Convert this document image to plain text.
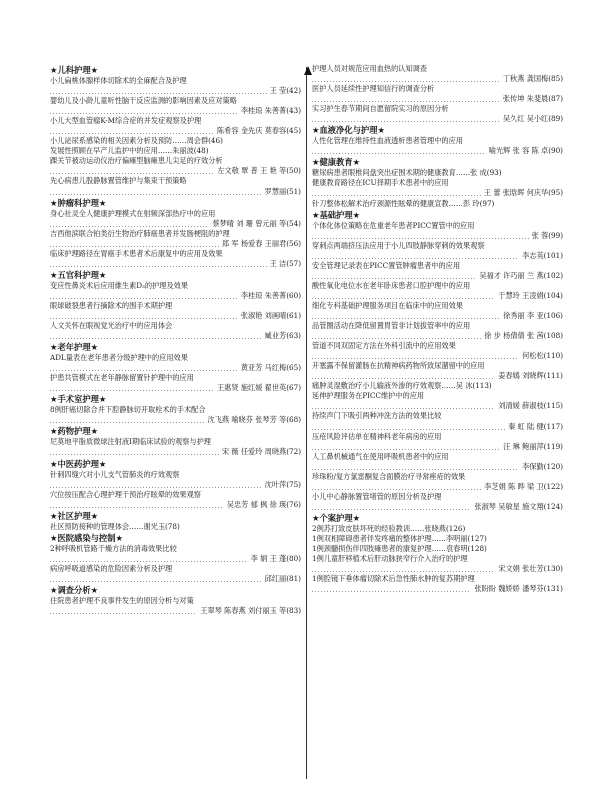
★儿科护理★
小儿扁桃体腺样体切除术的全麻配合及护理
王 莹(42)
婴幼儿及小龄儿童听性脑干反应监测的影响因素及应对策略
李桂琼 朱善菁(43)
小儿大型血管瘤K-M综合症的并发症观察及护理
陈希容 金先庆 莫春容(45)
小儿泌尿系感染的相关因素分析及预防……周会群(46)
发展性照顾在早产儿监护中的应用……朱丽波(48)
踝关节被动运动仪治疗偏瘫型脑瘫患儿尖足的疗效分析
左文敬 覃 普 王 艳 等(50)
先心病患儿股静脉置管维护与集束干预策略
罗慧丽(51)
★肿瘤科护理★
身心社灵全人健康护理模式在射频深部热疗中的应用
蔡梦晴 刘 珊 曾元丽 等(54)
吉西他滨联合铂类衍生物治疗肺癌患者并发肠梗阻的护理
郑 军 杨爱春 王丽君(56)
临床护理路径在胃癌手术患者术后康复中的应用及效果
王 洁(57)
★五官科护理★
变应性鼻炎术后应用維生素D₃的护理及效果
李桂琼 朱善菁(60)
眼球破裂患者行摘除术的围手术期护理
张淑艳 刘画晴(61)
人文关怀在眼视觉光治疗中的应用体会
臧业芳(63)
★老年护理★
ADL量表在老年患者分级护理中的应用效果
黄亚芳 马红梅(65)
护患共管模式在老年静脉留置针护理中的应用
王惠贤 施红媛 翟世英(67)
★手术室护理★
8例肝癌切除合并下腔静脉切开取栓术的手术配合
沈飞燕 喻晓芬 张琴芳 等(68)
★药物护理★
尼莫地平脂质微球注射液Ⅰ期临床试验的观察与护理
宋 薇 任爱玲 周晓燕(72)
★中医药护理★
针刺四缝穴对小儿支气管肺炎的疗效观察
沈叶萍(75)
穴位按压配合心理护理干预治疗眩晕的效果观察
吴忠芳 郁 枫 徐 瑛(76)
★社区护理★
社区预防接种的管理体会……谢光玉(78)
★医院感染与控制★
2种呼吸机管路干燥方法的消毒效果比较
李 娟 王 蓬(80)
病房呼吸道感染的危险因素分析及护理
邱红丽(81)
★调查分析★
住院患者护理不良事件发生的原因分析与对策
王翠琴 陈春燕 刘付丽玉 等(83)
护理人员对规范应用血热的认知调查
丁秋燕 龚国梅(85)
医护人员延续性护理知信行的调查分析
张传坤 朱斐晨(87)
实习护生春节期间自愿留院实习的原因分析
吴久红 吴小红(89)
★血液净化与护理★
人性化管理在维持性血液透析患者管理中的应用
喻光辉 张 容 陈 卓(90)
★健康教育★
糖尿病患者眼椎间盘突出症围术期的健康教育……张 成(93)
健康教育路径在ICU择期手术患者中的应用
王 蕾 张晗晖 何庆华(95)
针刀整体松解术治疗颈源性眩晕的健康宣教……彭 玲(97)
★基础护理★
个体化体位策略在危重老年患者PICC置管中的应用
张 蓉(99)
穿刺点两端挤压法应用于小儿四肢静脉穿刺的效果观察
李志英(101)
安全管理记录表在PICC置管肿瘤患者中的应用
吴福才 许巧丽 兰 燕(102)
酸性氧化电位水在老年卧床患者口腔护理中的应用
于慧玲 王凌娟(104)
细化专科基础护理服务项目在临床中的应用效果
徐秀丽 李 亚(106)
品管圈活动在降低留置胃管非计划拔管率中的应用
徐 步 杨倩倩 张 茜(108)
管道不同双固定方法在外科引流中的应用效果
何松松(110)
开塞露不保留灌肠在抗精神病药物所致尿潴留中的应用
姜春嫣 刘晓辉(111)
痛肿灵湿敷治疗小儿输液外渗的疗效观察……吴 冰(113)
延伸护理服务在PICC维护中的应用
刘清媛 薛淑枝(115)
持续声门下吸引两种冲洗方法的效果比较
秦 虹 陆 健(117)
压疮风险评估单在精神科老年病房的应用
汪 琳 鲍丽萍(119)
人工鼻机械通气在使用呼吸机患者中的应用
李保勤(120)
珍珠粉/复方氯雷酮复合面膜治疗寻常痤疮的效果
李芝娟 陈 晔 梁 卫(122)
小儿中心静脉置管堵管的原因分析及护理
张淑琴 吴敏星 施文翔(124)
★个案护理★
2例苏打致皮肤坏死的经验教训……张晓燕(126)
1例双相障碍患者伴发疼痛的整体护理……李明丽(127)
1例颈髓损伤伴四肢瘫患者的康复护理……袁春明(128)
1例儿童肝移植术后肝动脉狭窄行介入治疗的护理
宋文娟 张壮芳(130)
1例腔镜下垂体瘤切除术后急性肺水肿的复苏期护理
张盼盼 魏娇娇 潘琴芬(131)
